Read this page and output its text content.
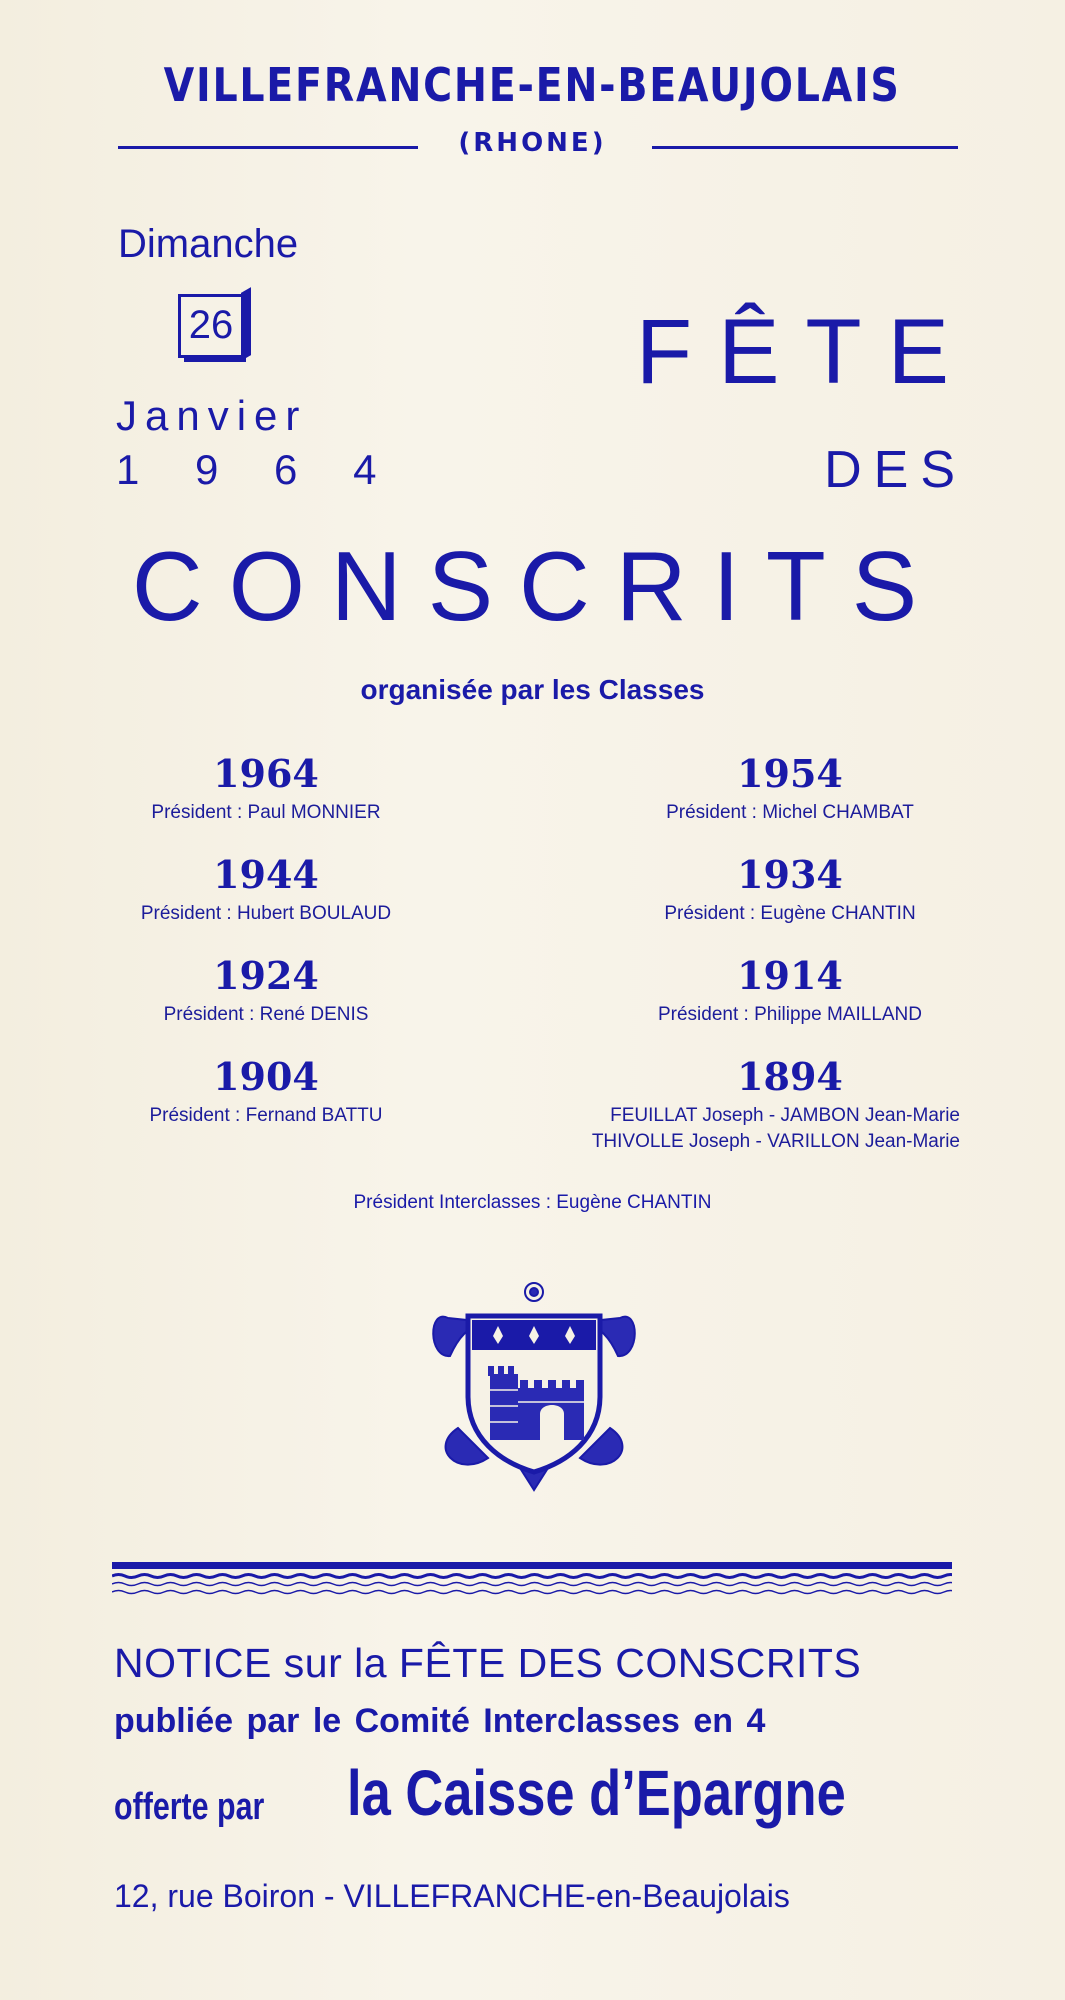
VILLEFRANCHE-EN-BEAUJOLAIS
(RHONE)
Dimanche
26
Janvier
1 9 6 4
FÊTE
DES
CONSCRITS
organisée par les Classes
1964
Président : Paul MONNIER
1954
Président : Michel CHAMBAT
1944
Président : Hubert BOULAUD
1934
Président : Eugène CHANTIN
1924
Président : René DENIS
1914
Président : Philippe MAILLAND
1904
Président : Fernand BATTU
1894
FEUILLAT Joseph - JAMBON Jean-Marie
THIVOLLE Joseph - VARILLON Jean-Marie
Président Interclasses : Eugène CHANTIN
NOTICE sur la FÊTE DES CONSCRITS
publiée par le Comité Interclasses en 4
offerte par la Caisse d’Epargne
12, rue Boiron - VILLEFRANCHE-en-Beaujolais
